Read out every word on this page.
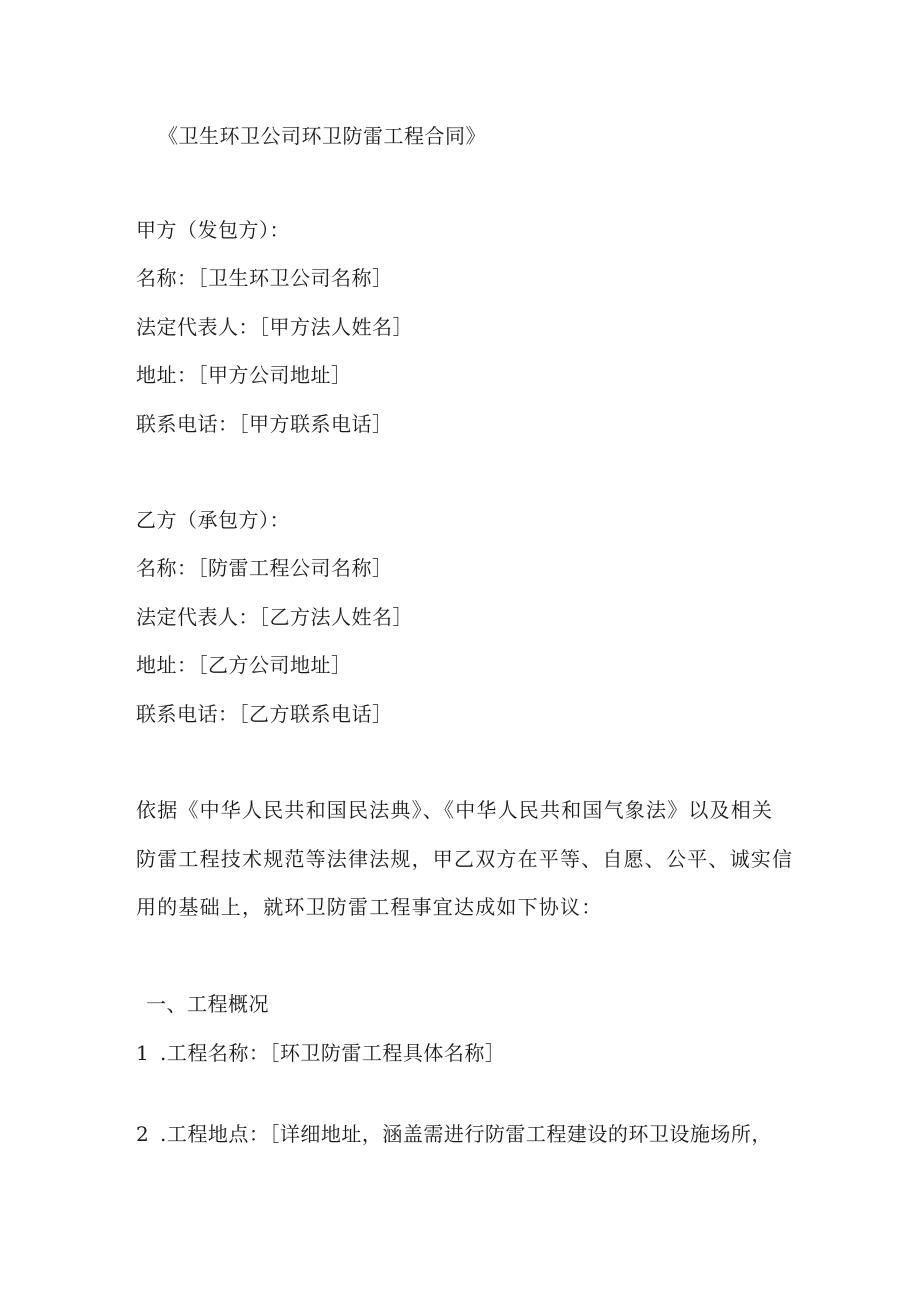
《卫生环卫公司环卫防雷工程合同》
甲方（发包方）：
名称：［卫生环卫公司名称］
法定代表人：［甲方法人姓名］
地址：［甲方公司地址］
联系电话：［甲方联系电话］
乙方（承包方）：
名称：［防雷工程公司名称］
法定代表人：［乙方法人姓名］
地址：［乙方公司地址］
联系电话：［乙方联系电话］
依据《中华人民共和国民法典》、《中华人民共和国气象法》以及相关
防雷工程技术规范等法律法规，甲乙双方在平等、自愿、公平、诚实信
用的基础上，就环卫防雷工程事宜达成如下协议：
一、工程概况
1 .工程名称：［环卫防雷工程具体名称］
2 .工程地点：［详细地址，涵盖需进行防雷工程建设的环卫设施场所，
